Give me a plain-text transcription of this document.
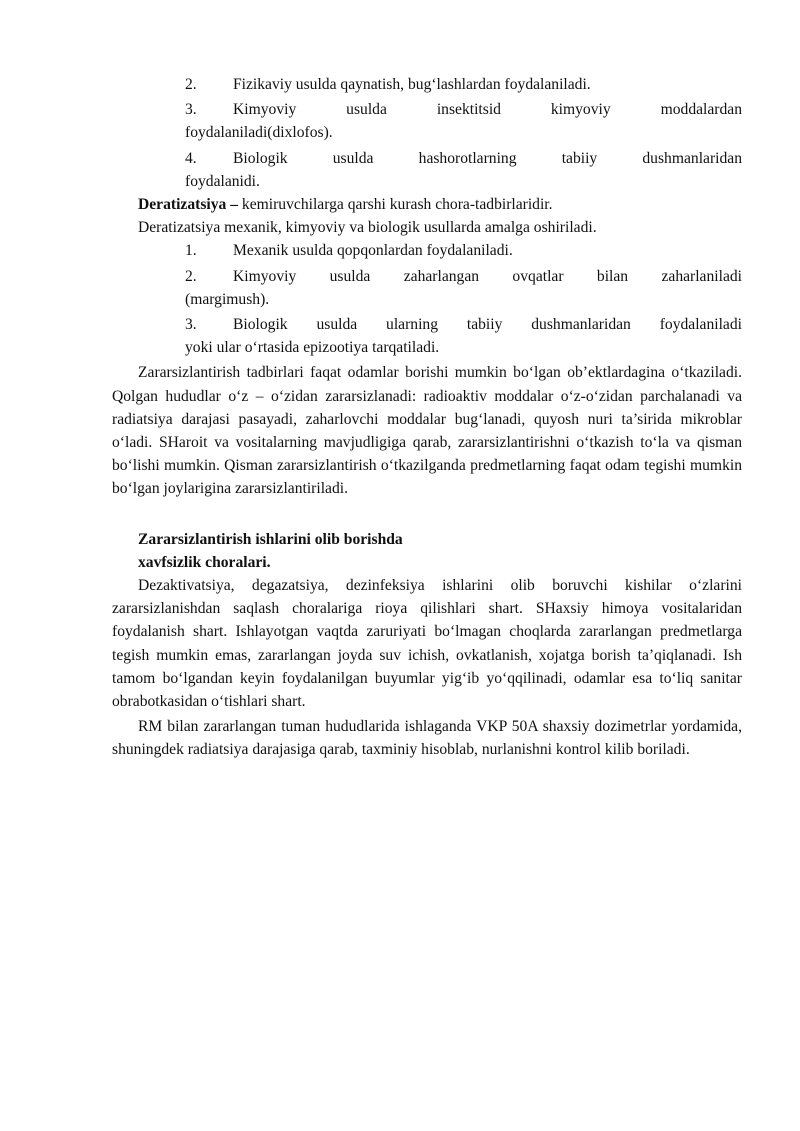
2.	Fizikaviy usulda qaynatish, bug‘lashlardan foydalaniladi.
3.	Kimyoviy usulda insektitsid kimyoviy moddalardan
foydalaniladi(dixlofos).
4.	Biologik usulda hashorotlarning tabiiy dushmanlaridan
foydalanidi.

Deratizatsiya – kemiruvchilarga qarshi kurash chora-tadbirlaridir.

Deratizatsiya mexanik, kimyoviy va biologik usullarda amalga oshiriladi.

1.	Mexanik usulda qopqonlardan foydalaniladi.
2.	Kimyoviy usulda zaharlangan ovqatlar bilan zaharlaniladi
(margimush).
3.	Biologik usulda ularning tabiiy dushmanlaridan foydalaniladi
yoki ular o‘rtasida epizootiya tarqatiladi.

Zararsizlantirish tadbirlari faqat odamlar borishi mumkin bo‘lgan ob’ektlardagina o‘tkaziladi. Qolgan hududlar o‘z – o‘zidan zararsizlanadi: radioaktiv moddalar o‘z-o‘zidan parchalanadi va radiatsiya darajasi pasayadi, zaharlovchi moddalar bug‘lanadi, quyosh nuri ta’sirida mikroblar o‘ladi. SHaroit va vositalarning mavjudligiga qarab, zararsizlantirishni o‘tkazish to‘la va qisman bo‘lishi mumkin. Qisman zararsizlantirish o‘tkazilganda predmetlarning faqat odam tegishi mumkin bo‘lgan joylarigina zararsizlantiriladi.

Zararsizlantirish ishlarini olib borishda
xavfsizlik choralari.

Dezaktivatsiya, degazatsiya, dezinfeksiya ishlarini olib boruvchi kishilar o‘zlarini zararsizlanishdan saqlash choralariga rioya qilishlari shart. SHaxsiy himoya vositalaridan foydalanish shart. Ishlayotgan vaqtda zaruriyati bo‘lmagan choqlarda zararlangan predmetlarga tegish mumkin emas, zararlangan joyda suv ichish, ovkatlanish, xojatga borish ta’qiqlanadi. Ish tamom bo‘lgandan keyin foydalanilgan buyumlar yig‘ib yo‘qqilinadi, odamlar esa to‘liq sanitar obrabotkasidan o‘tishlari shart.

RM bilan zararlangan tuman hududlarida ishlaganda VKP 50A shaxsiy dozimetrlar yordamida, shuningdek radiatsiya darajasiga qarab, taxminiy hisoblab, nurlanishni kontrol kilib boriladi.
